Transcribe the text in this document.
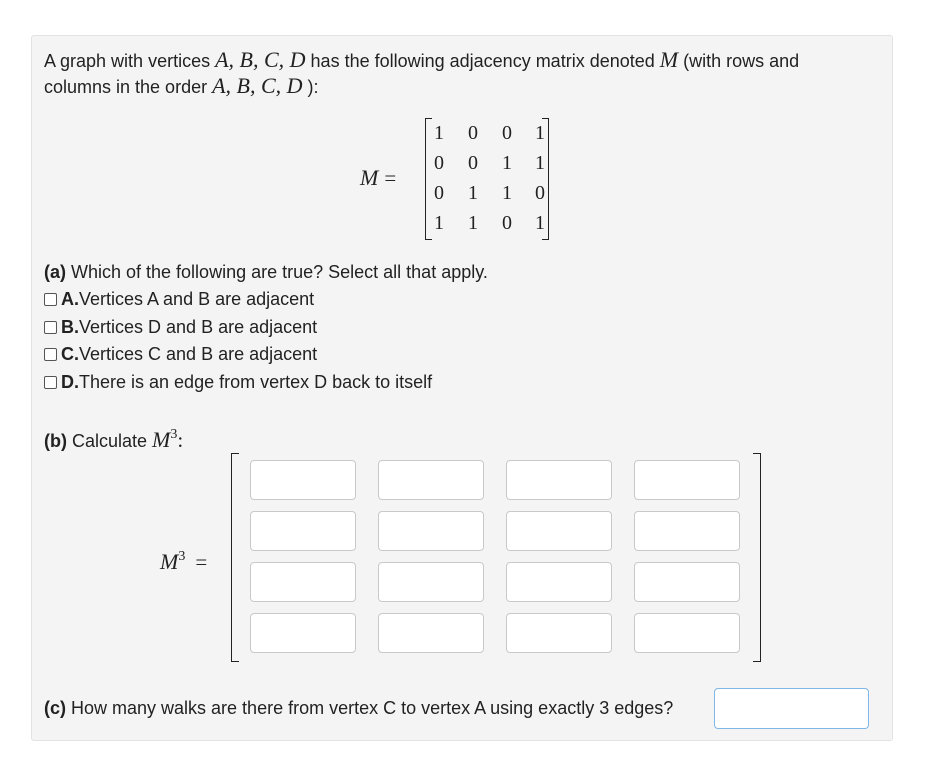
A graph with vertices A, B, C, D has the following adjacency matrix denoted M (with rows and
columns in the order A, B, C, D ):
M =
1	0	0	1
0	0	1	1
0	1	1	0
1	1	0	1
(a) Which of the following are true? Select all that apply.
A. Vertices A and B are adjacent
B. Vertices D and B are adjacent
C. Vertices C and B are adjacent
D. There is an edge from vertex D back to itself
(b) Calculate $M^3$:
$M^3$ =
(c) How many walks are there from vertex C to vertex A using exactly 3 edges?
